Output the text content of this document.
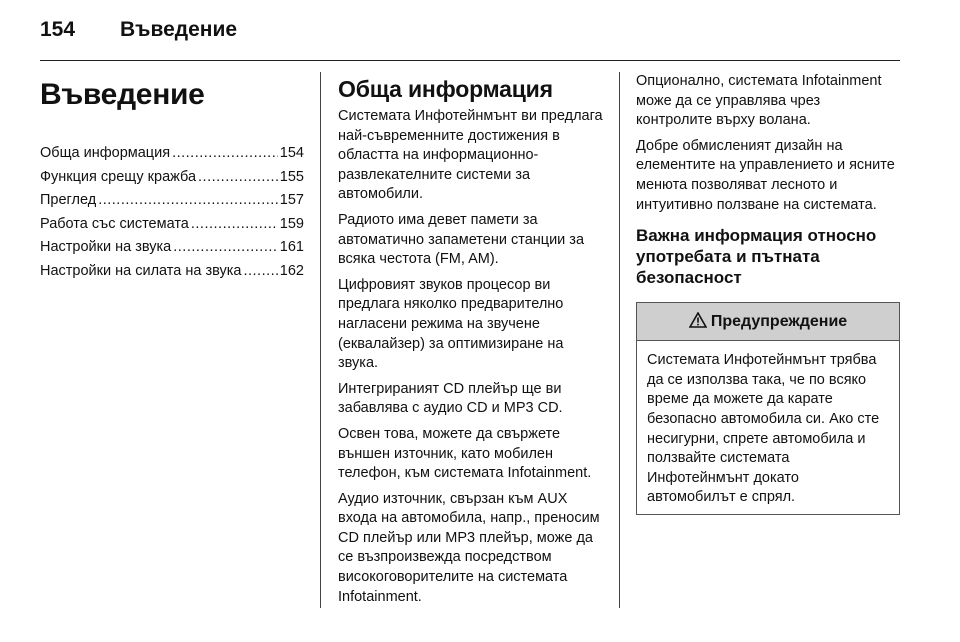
154	Въведение
Въведение
Обща информация .....	154
Функция срещу кражба .....	155
Преглед .....	157
Работа със системата .....	159
Настройки на звука .....	161
Настройки на силата на звука .....	162
Обща информация

Системата Инфотейнмънт ви предлага най-съвременните достижения в областта на информационно-развлекателните системи за автомобили.

Радиото има девет памети за автоматично запаметени станции за всяка честота (FM, AM).

Цифровият звуков процесор ви предлага няколко предварително нагласени режима на звучене (еквалайзер) за оптимизиране на звука.

Интегрираният CD плейър ще ви забавлява с аудио CD и MP3 CD.

Освен това, можете да свържете външен източник, като мобилен телефон, към системата Infotainment.

Аудио източник, свързан към AUX входа на автомобила, напр., преносим CD плейър или MP3 плейър, може да се възпроизвежда посредством високоговорителите на системата Infotainment.

Опционално, системата Infotainment може да се управлява чрез контролите върху волана.

Добре обмисленият дизайн на елементите на управлението и ясните менюта позволяват лесното и интуитивно ползване на системата.

Важна информация относно употребата и пътната безопасност
Предупреждение

Системата Инфотейнмънт трябва да се използва така, че по всяко време да можете да карате безопасно автомобила си. Ако сте несигурни, спрете автомобила и ползвайте системата Инфотейнмънт докато автомобилът е спрял.
